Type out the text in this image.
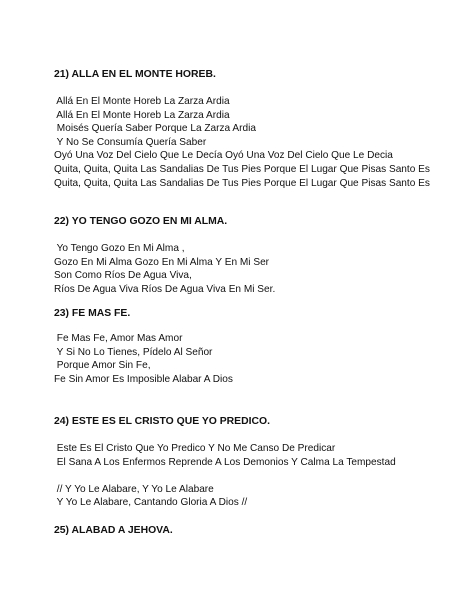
21) ALLA EN EL MONTE HOREB.
Allá En El Monte Horeb La Zarza Ardia
Allá En El Monte Horeb La Zarza Ardia
Moisés Quería Saber Porque La Zarza Ardia
Y No Se Consumía Quería Saber
Oyó Una Voz Del Cielo Que Le Decía Oyó Una Voz Del Cielo Que Le Decia
Quita, Quita, Quita Las Sandalias De Tus Pies Porque El Lugar Que Pisas Santo Es
Quita, Quita, Quita Las Sandalias De Tus Pies Porque El Lugar Que Pisas Santo Es
22) YO TENGO GOZO EN MI ALMA.
Yo Tengo Gozo En Mi Alma ,
Gozo En Mi Alma Gozo En Mi Alma Y En Mi Ser
Son Como Ríos De Agua Viva,
Ríos De Agua Viva Ríos De Agua Viva En Mi Ser.
23) FE MAS FE.
Fe Mas Fe, Amor Mas Amor
Y Si No Lo Tienes, Pídelo Al Señor
Porque Amor Sin Fe,
Fe Sin Amor Es Imposible Alabar A Dios
24) ESTE ES EL CRISTO QUE YO PREDICO.
Este Es El Cristo Que Yo Predico Y No Me Canso De Predicar
El Sana A Los Enfermos Reprende A Los Demonios Y Calma La Tempestad

// Y Yo Le Alabare, Y Yo Le Alabare
Y Yo Le Alabare, Cantando Gloria A Dios //
25) ALABAD A JEHOVA.
